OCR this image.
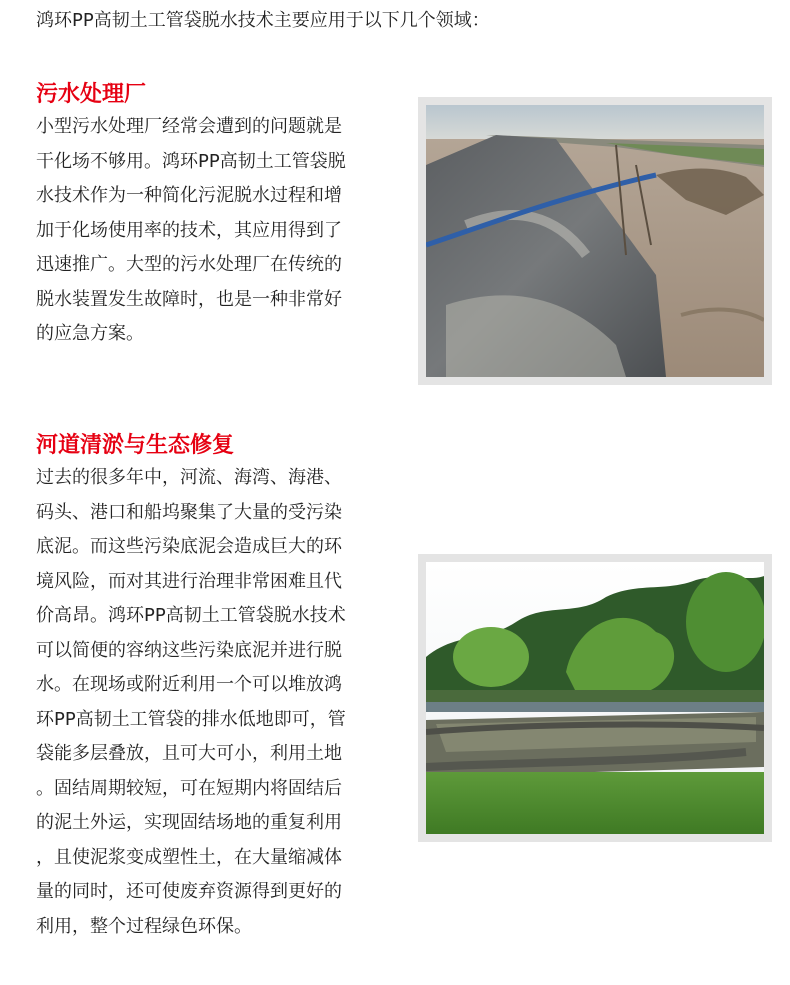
鸿环PP高韧土工管袋脱水技术主要应用于以下几个领域：
污水处理厂
小型污水处理厂经常会遭到的问题就是
干化场不够用。鸿环PP高韧土工管袋脱
水技术作为一种简化污泥脱水过程和增
加于化场使用率的技术，其应用得到了
迅速推广。大型的污水处理厂在传统的
脱水装置发生故障时，也是一种非常好
的应急方案。
河道清淤与生态修复
过去的很多年中，河流、海湾、海港、
码头、港口和船坞聚集了大量的受污染
底泥。而这些污染底泥会造成巨大的环
境风险，而对其进行治理非常困难且代
价高昂。鸿环PP高韧土工管袋脱水技术
可以简便的容纳这些污染底泥并进行脱
水。在现场或附近利用一个可以堆放鸿
环PP高韧土工管袋的排水低地即可，管
袋能多层叠放，且可大可小，利用土地
。固结周期较短，可在短期内将固结后
的泥土外运，实现固结场地的重复利用
，且使泥浆变成塑性土，在大量缩减体
量的同时，还可使废弃资源得到更好的
利用，整个过程绿色环保。
